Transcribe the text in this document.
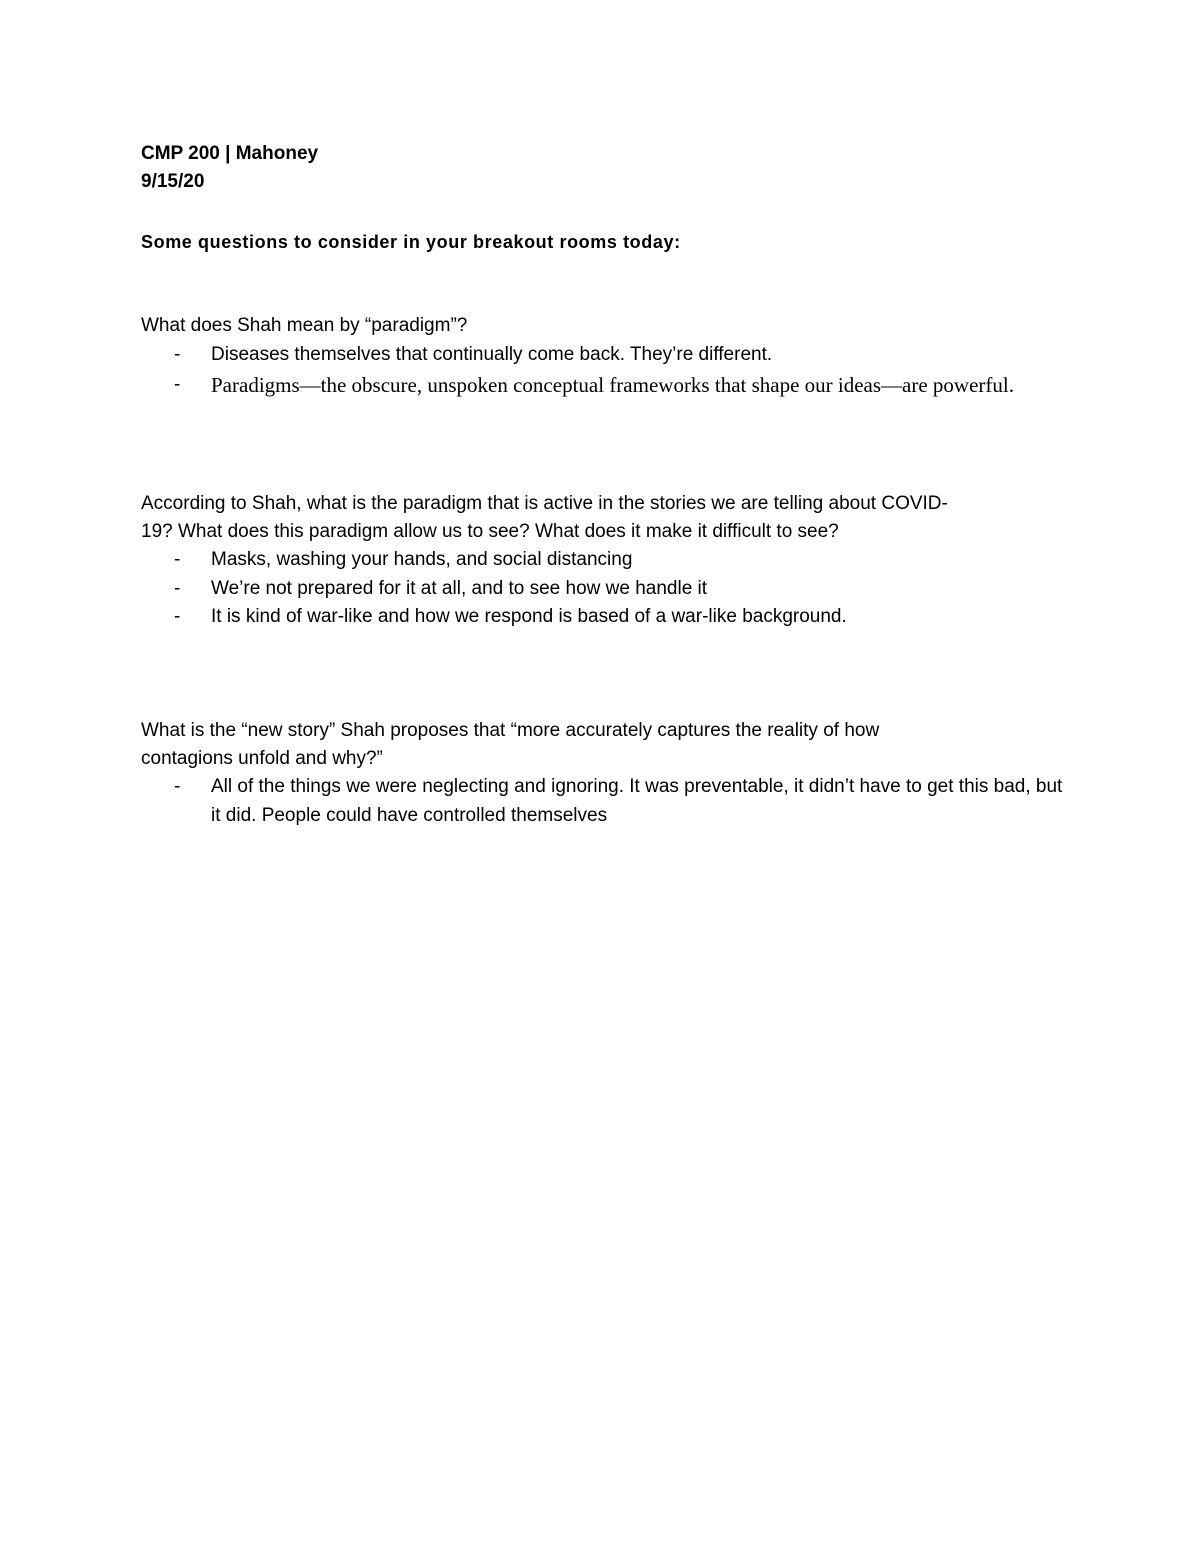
CMP 200 | Mahoney
9/15/20
Some questions to consider in your breakout rooms today:
What does Shah mean by “paradigm”?
- Diseases themselves that continually come back. They’re different.
- Paradigms—the obscure, unspoken conceptual frameworks that shape our ideas—are powerful.
According to Shah, what is the paradigm that is active in the stories we are telling about COVID-
19? What does this paradigm allow us to see? What does it make it difficult to see?
- Masks, washing your hands, and social distancing
- We’re not prepared for it at all, and to see how we handle it
- It is kind of war-like and how we respond is based of a war-like background.
What is the “new story” Shah proposes that “more accurately captures the reality of how
contagions unfold and why?”
- All of the things we were neglecting and ignoring. It was preventable, it didn’t have to get this bad, but it did. People could have controlled themselves
